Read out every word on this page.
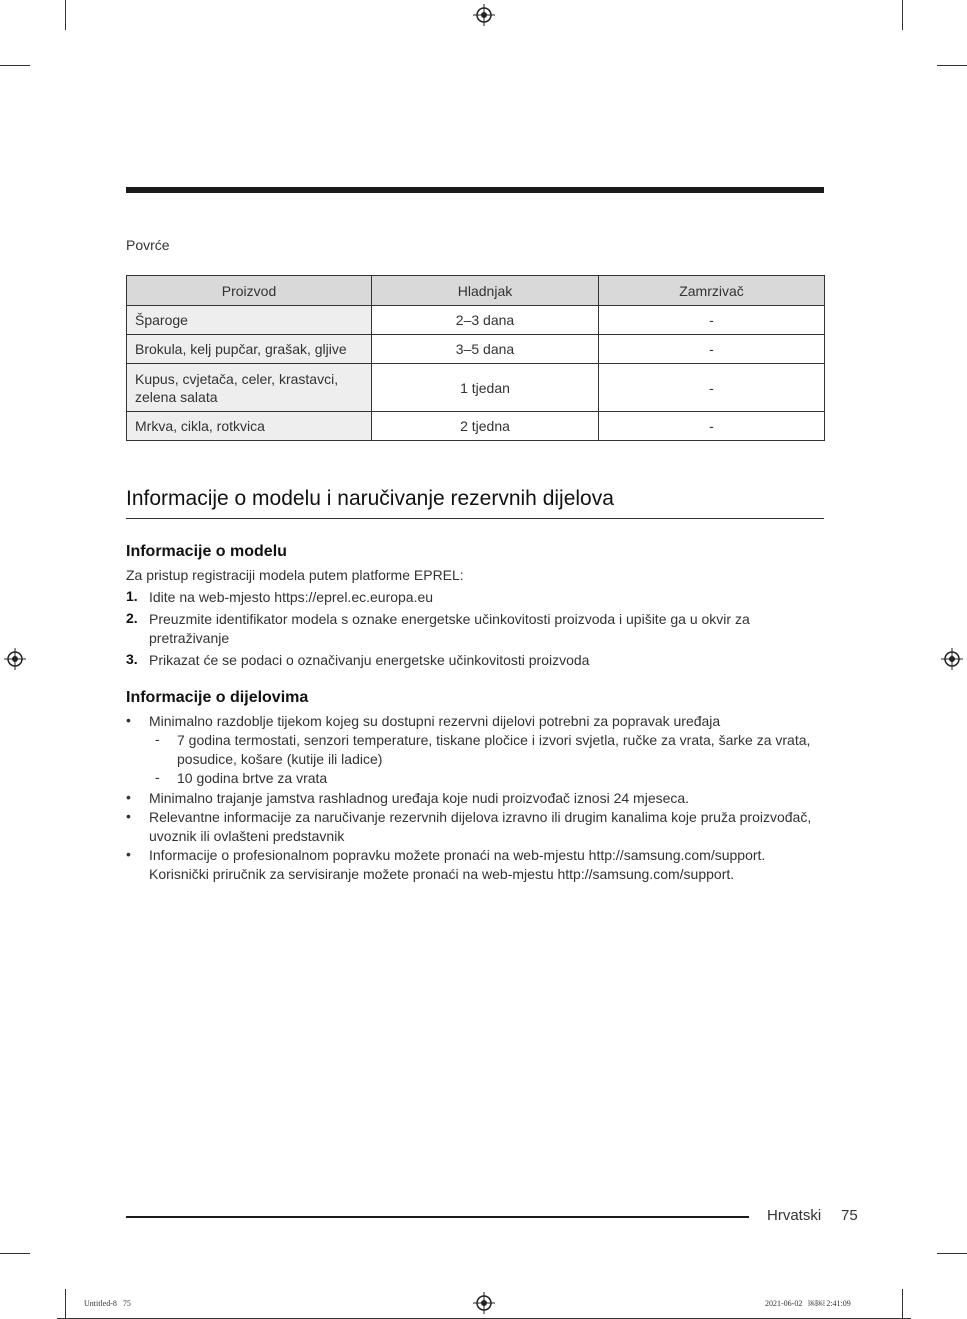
Povrće
Proizvod	Hladnjak	Zamrzivač
Šparoge	2–3 dana	-
Brokula, kelj pupčar, grašak, gljive	3–5 dana	-
Kupus, cvjetača, celer, krastavci, zelena salata	1 tjedan	-
Mrkva, cikla, rotkvica	2 tjedna	-
Informacije o modelu i naručivanje rezervnih dijelova
Informacije o modelu
Za pristup registraciji modela putem platforme EPREL:
1. Idite na web-mjesto https://eprel.ec.europa.eu
2. Preuzmite identifikator modela s oznake energetske učinkovitosti proizvoda i upišite ga u okvir za pretraživanje
3. Prikazat će se podaci o označivanju energetske učinkovitosti proizvoda
Informacije o dijelovima
• Minimalno razdoblje tijekom kojeg su dostupni rezervni dijelovi potrebni za popravak uređaja
- 7 godina termostati, senzori temperature, tiskane pločice i izvori svjetla, ručke za vrata, šarke za vrata, posudice, košare (kutije ili ladice)
- 10 godina brtve za vrata
• Minimalno trajanje jamstva rashladnog uređaja koje nudi proizvođač iznosi 24 mjeseca.
• Relevantne informacije za naručivanje rezervnih dijelova izravno ili drugim kanalima koje pruža proizvođač, uvoznik ili ovlašteni predstavnik
• Informacije o profesionalnom popravku možete pronaći na web-mjestu http://samsung.com/support. Korisnički priručnik za servisiranje možete pronaći na web-mjestu http://samsung.com/support.
Hrvatski 75
Untitled-8   75	2021-06-02   ￼￼ 2:41:09
